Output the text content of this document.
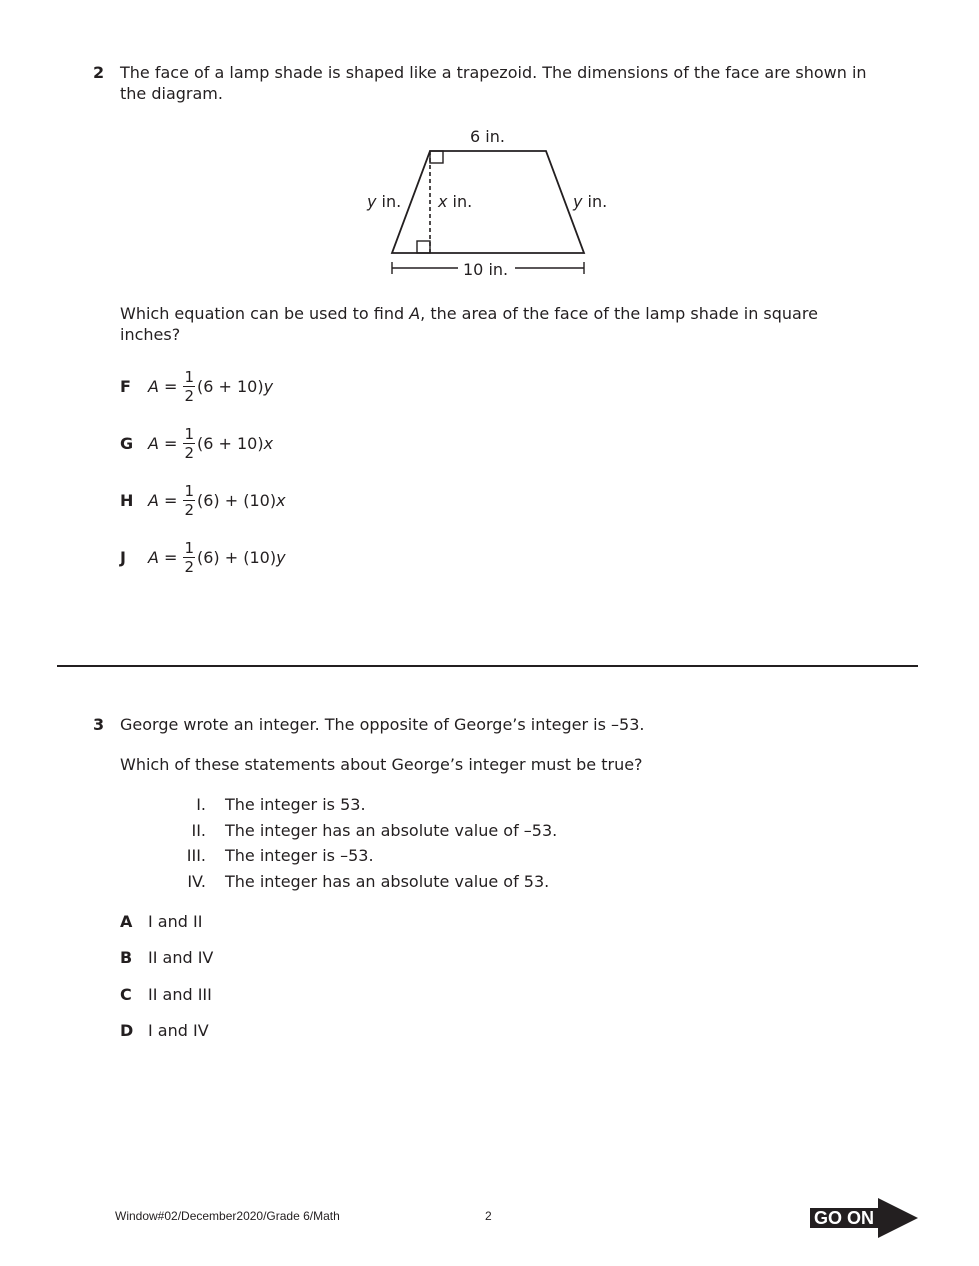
2 The face of a lamp shade is shaped like a trapezoid. The dimensions of the face are shown in the diagram.
6 in.
y in. x in.	y in.
10 in.
Which equation can be used to find A, the area of the face of the lamp shade in square inches?
F	$A = \frac{1}{2} (6 + 10)$ y
G $A = \frac{1}{2} (6 + 10)$ x
H $A = \frac{1}{2} (6) + (10)$ x
J	$A = \frac{1}{2} (6) + (10)$ y
3 George wrote an integer. The opposite of George’s integer is –53.
Which of these statements about George’s integer must be true?
I. The integer is 53.
II. The integer has an absolute value of –53.
III. The integer is –53.
IV. The integer has an absolute value of 53.
A I and II
B II and IV
C II and III
D I and IV
Window#02/December2020/Grade 6/Math	2	GO ON
